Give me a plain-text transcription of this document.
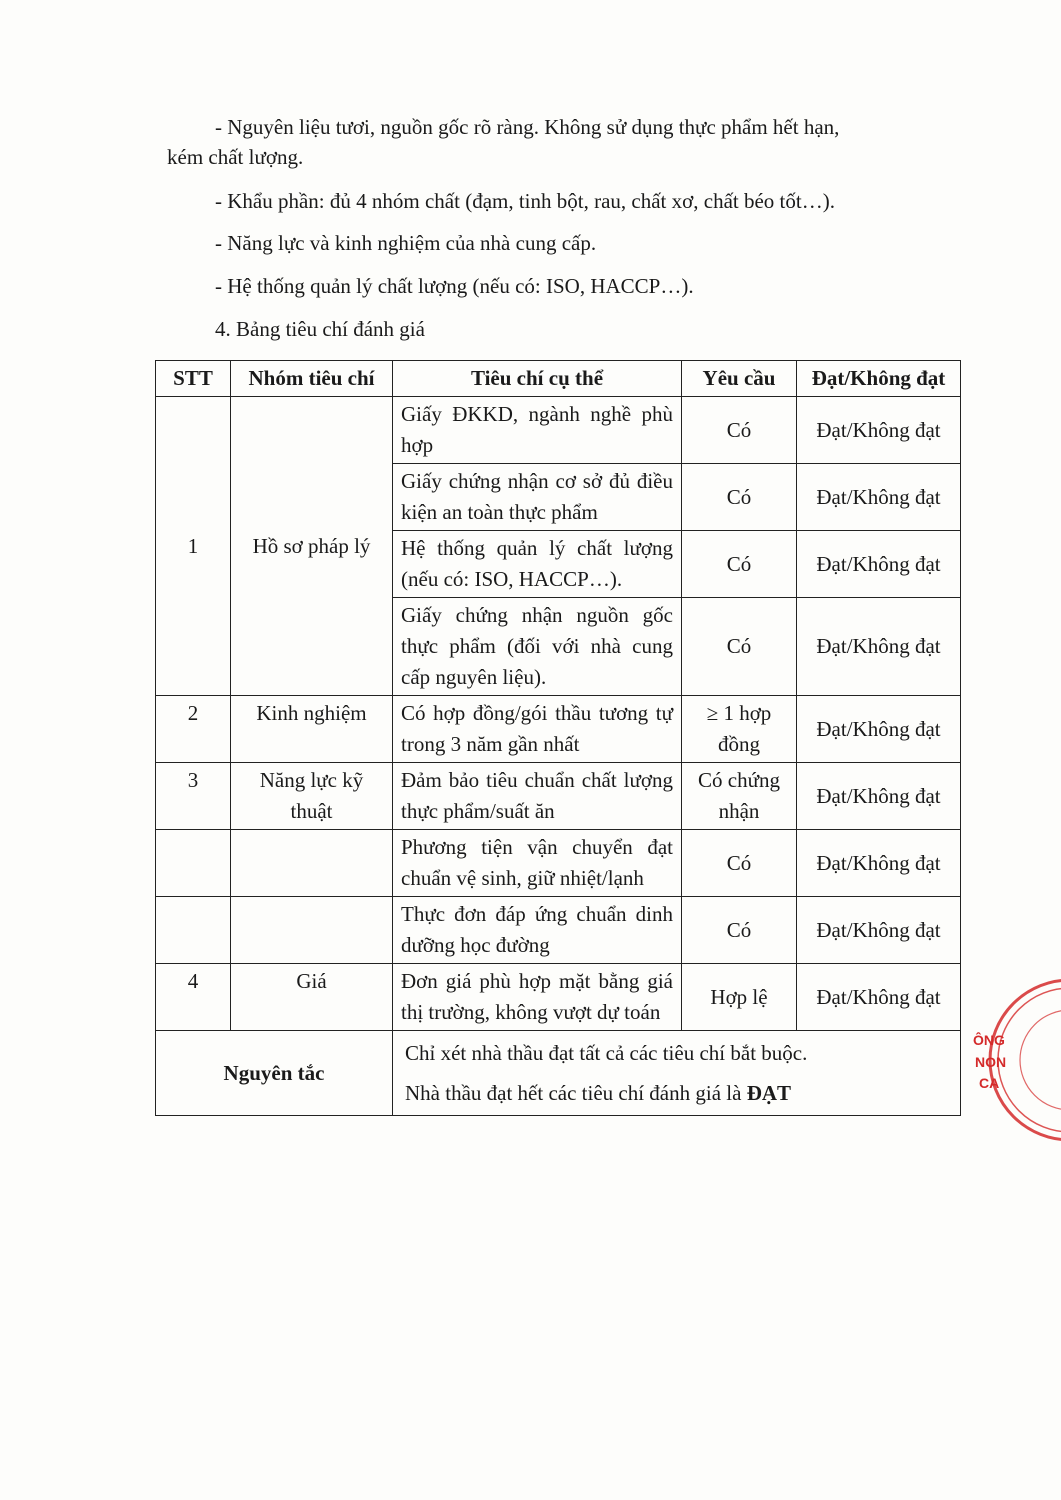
- Nguyên liệu tươi, nguồn gốc rõ ràng. Không sử dụng thực phẩm hết hạn,
kém chất lượng.
- Khẩu phần: đủ 4 nhóm chất (đạm, tinh bột, rau, chất xơ, chất béo tốt…).
- Năng lực và kinh nghiệm của nhà cung cấp.
- Hệ thống quản lý chất lượng (nếu có: ISO, HACCP…).
4. Bảng tiêu chí đánh giá
STT	Nhóm tiêu chí	Tiêu chí cụ thể	Yêu cầu	Đạt/Không đạt
1	Hồ sơ pháp lý	Giấy ĐKKD, ngành nghề phù hợp	Có	Đạt/Không đạt
		Giấy chứng nhận cơ sở đủ điều kiện an toàn thực phẩm	Có	Đạt/Không đạt
		Hệ thống quản lý chất lượng (nếu có: ISO, HACCP…).	Có	Đạt/Không đạt
		Giấy chứng nhận nguồn gốc thực phẩm (đối với nhà cung cấp nguyên liệu).	Có	Đạt/Không đạt
2	Kinh nghiệm	Có hợp đồng/gói thầu tương tự trong 3 năm gần nhất	≥ 1 hợp đồng	Đạt/Không đạt
3	Năng lực kỹ thuật	Đảm bảo tiêu chuẩn chất lượng thực phẩm/suất ăn	Có chứng nhận	Đạt/Không đạt
		Phương tiện vận chuyển đạt chuẩn vệ sinh, giữ nhiệt/lạnh	Có	Đạt/Không đạt
		Thực đơn đáp ứng chuẩn dinh dưỡng học đường	Có	Đạt/Không đạt
4	Giá	Đơn giá phù hợp mặt bằng giá thị trường, không vượt dự toán	Hợp lệ	Đạt/Không đạt
Nguyên tắc		Chỉ xét nhà thầu đạt tất cả các tiêu chí bắt buộc.
Nhà thầu đạt hết các tiêu chí đánh giá là ĐẠT		
ÔNG
NON
CA
